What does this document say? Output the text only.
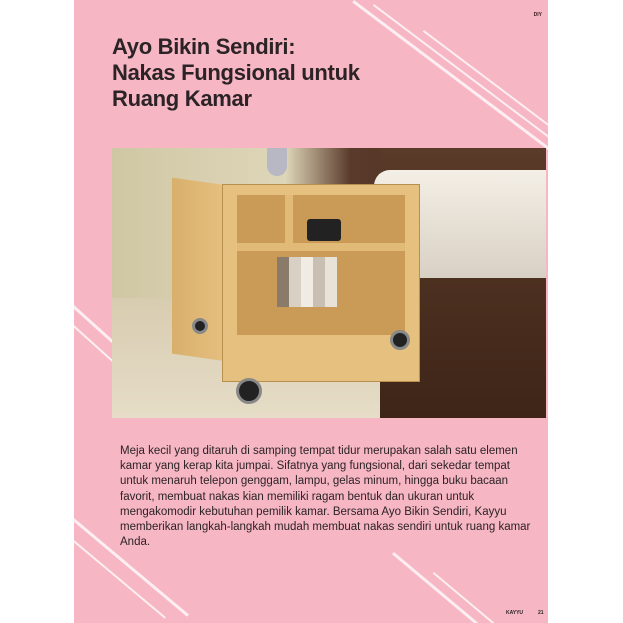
DIY
Ayo Bikin Sendiri:
Nakas Fungsional untuk
Ruang Kamar
Meja kecil yang ditaruh di samping tempat tidur merupakan salah satu elemen kamar yang kerap kita jumpai. Sifatnya yang fungsional, dari sekedar tempat untuk menaruh telepon genggam, lampu, gelas minum, hingga buku bacaan favorit, membuat nakas kian memiliki ragam bentuk dan ukuran untuk mengakomodir kebutuhan pemilik kamar. Bersama Ayo Bikin Sendiri, Kayyu memberikan langkah-langkah mudah membuat nakas sendiri untuk ruang kamar Anda.
KAYYU	21
